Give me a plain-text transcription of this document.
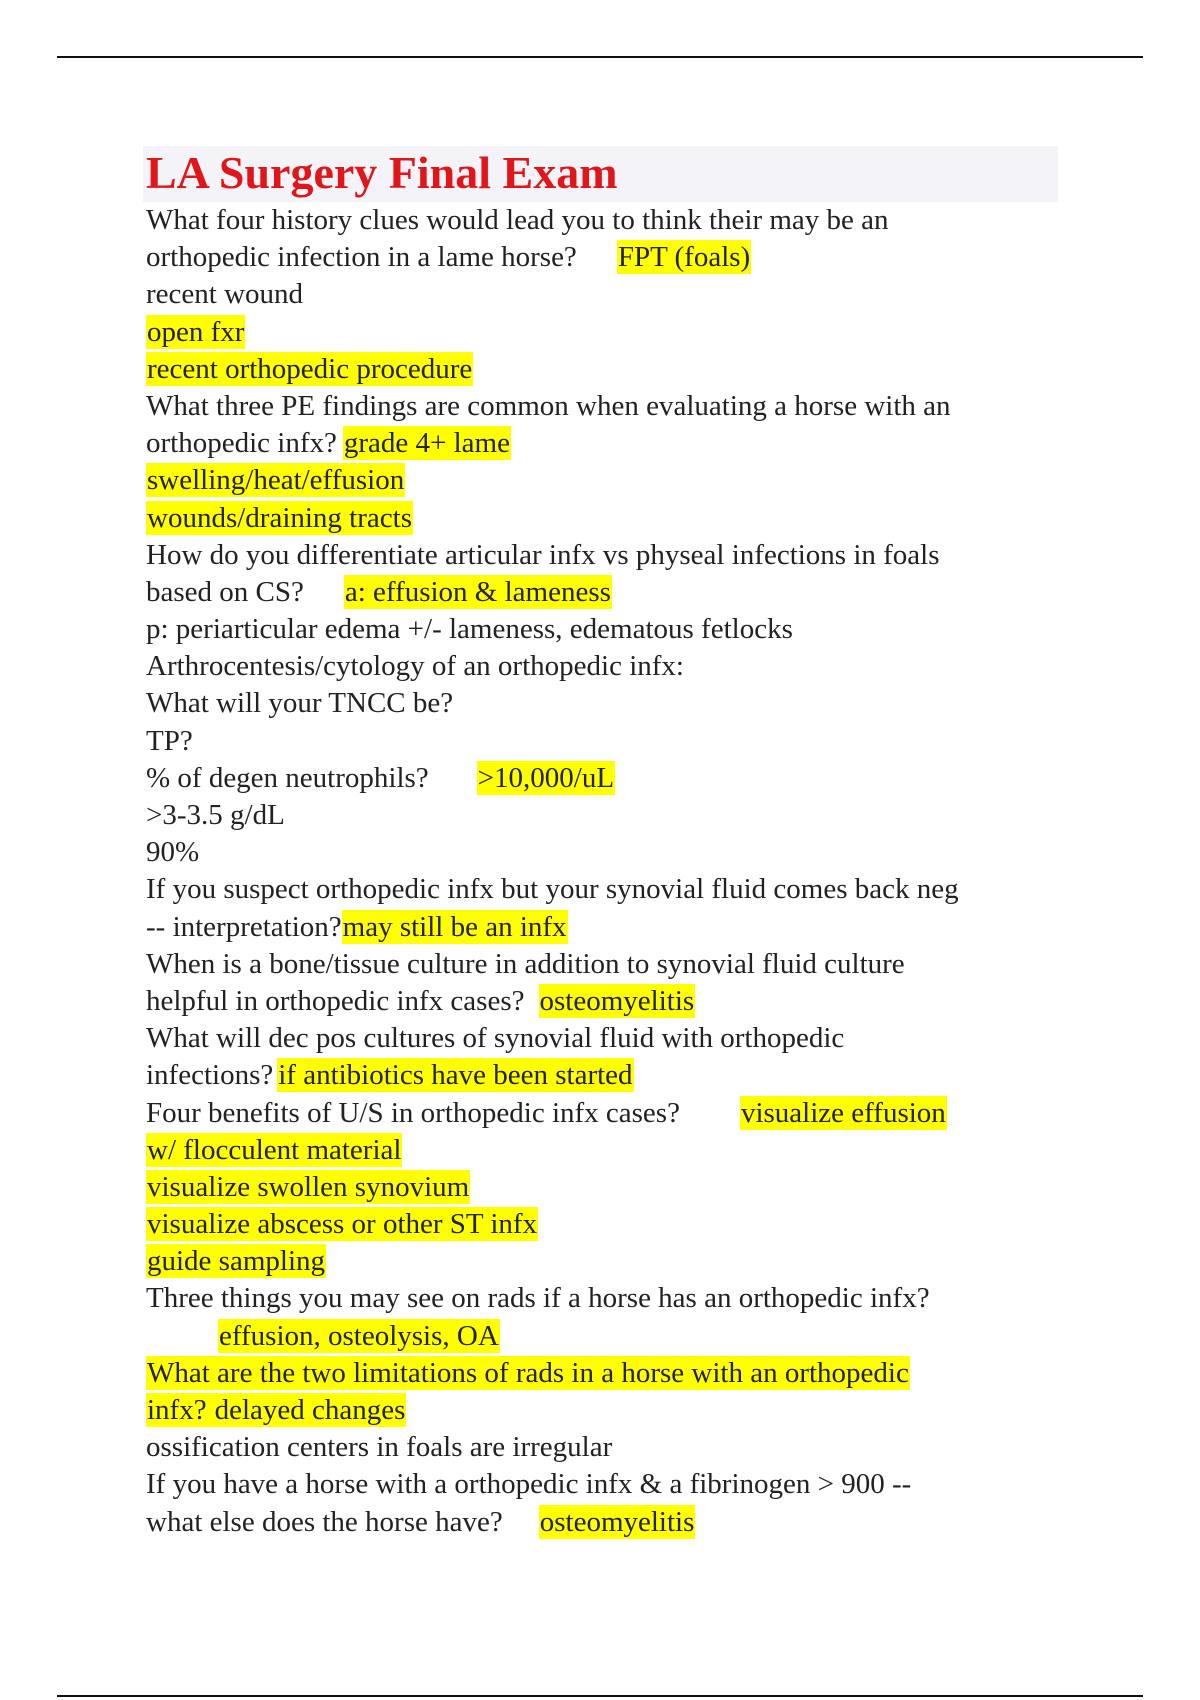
LA Surgery Final Exam
What four history clues would lead you to think their may be an
orthopedic infection in a lame horse? FPT (foals)
recent wound
open fxr
recent orthopedic procedure
What three PE findings are common when evaluating a horse with an
orthopedic infx? grade 4+ lame
swelling/heat/effusion
wounds/draining tracts
How do you differentiate articular infx vs physeal infections in foals
based on CS? a: effusion & lameness
p: periarticular edema +/- lameness, edematous fetlocks
Arthrocentesis/cytology of an orthopedic infx:
What will your TNCC be?
TP?
% of degen neutrophils? >10,000/uL
>3-3.5 g/dL
90%
If you suspect orthopedic infx but your synovial fluid comes back neg
-- interpretation?may still be an infx
When is a bone/tissue culture in addition to synovial fluid culture
helpful in orthopedic infx cases? osteomyelitis
What will dec pos cultures of synovial fluid with orthopedic
infections? if antibiotics have been started
Four benefits of U/S in orthopedic infx cases? visualize effusion
w/ flocculent material
visualize swollen synovium
visualize abscess or other ST infx
guide sampling
Three things you may see on rads if a horse has an orthopedic infx?
effusion, osteolysis, OA
What are the two limitations of rads in a horse with an orthopedic
infx? delayed changes
ossification centers in foals are irregular
If you have a horse with a orthopedic infx & a fibrinogen > 900 --
what else does the horse have? osteomyelitis
